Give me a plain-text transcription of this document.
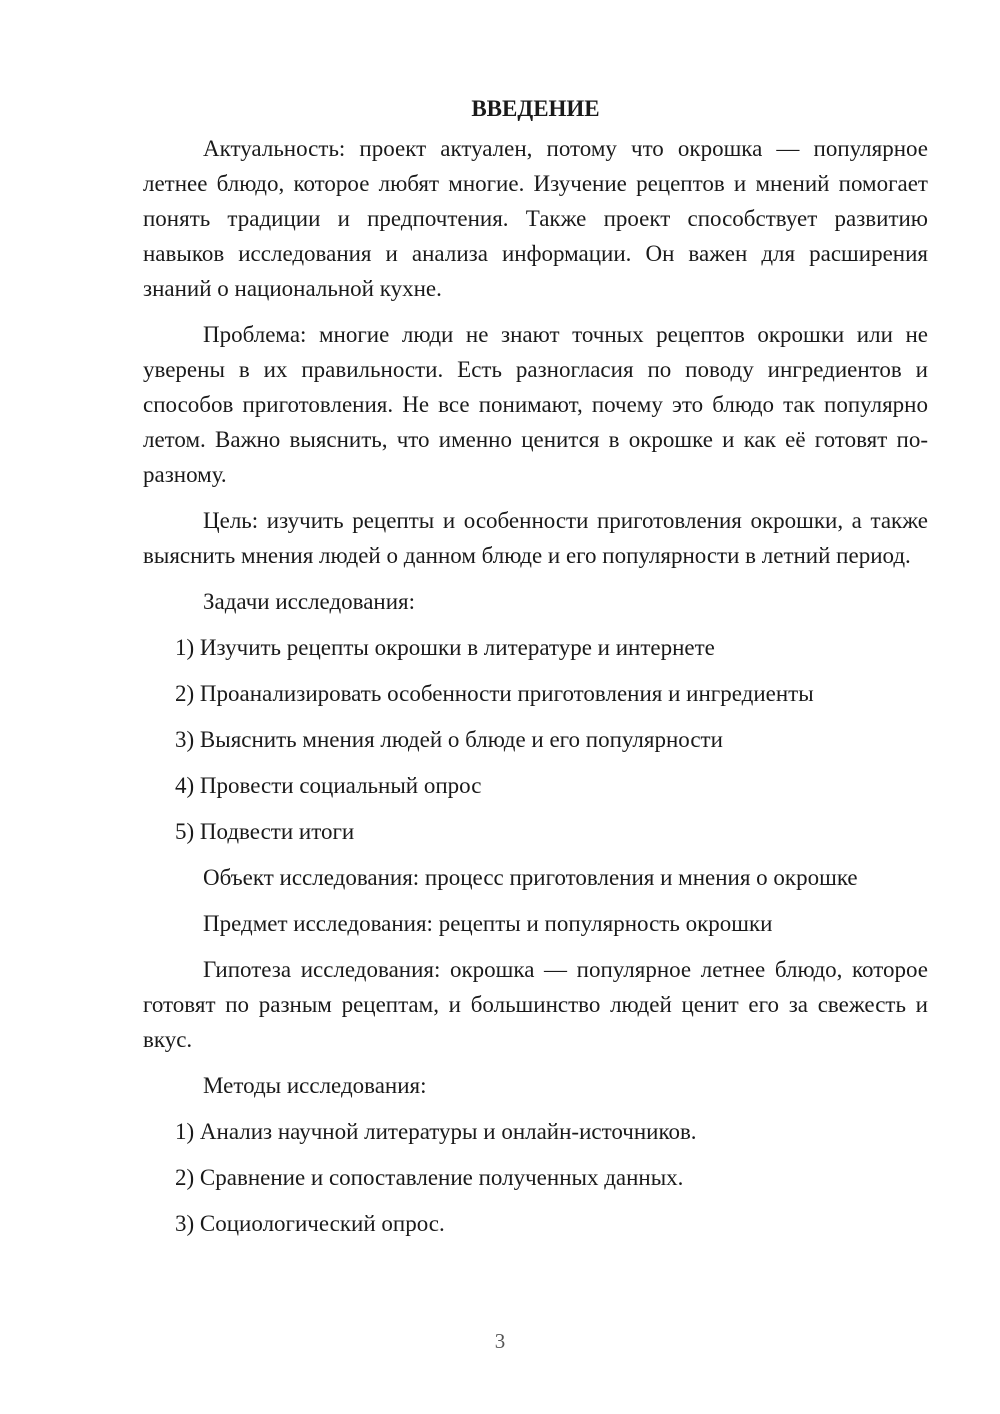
ВВЕДЕНИЕ
Актуальность: проект актуален, потому что окрошка — популярное летнее блюдо, которое любят многие. Изучение рецептов и мнений помогает понять традиции и предпочтения. Также проект способствует развитию навыков исследования и анализа информации. Он важен для расширения знаний о национальной кухне.
Проблема: многие люди не знают точных рецептов окрошки или не уверены в их правильности. Есть разногласия по поводу ингредиентов и способов приготовления. Не все понимают, почему это блюдо так популярно летом. Важно выяснить, что именно ценится в окрошке и как её готовят по-разному.
Цель: изучить рецепты и особенности приготовления окрошки, а также выяснить мнения людей о данном блюде и его популярности в летний период.
Задачи исследования:
1) Изучить рецепты окрошки в литературе и интернете
2) Проанализировать особенности приготовления и ингредиенты
3) Выяснить мнения людей о блюде и его популярности
4) Провести социальный опрос
5) Подвести итоги
Объект исследования: процесс приготовления и мнения о окрошке
Предмет исследования: рецепты и популярность окрошки
Гипотеза исследования: окрошка — популярное летнее блюдо, которое готовят по разным рецептам, и большинство людей ценит его за свежесть и вкус.
Методы исследования:
1) Анализ научной литературы и онлайн-источников.
2) Сравнение и сопоставление полученных данных.
3) Социологический опрос.
3
